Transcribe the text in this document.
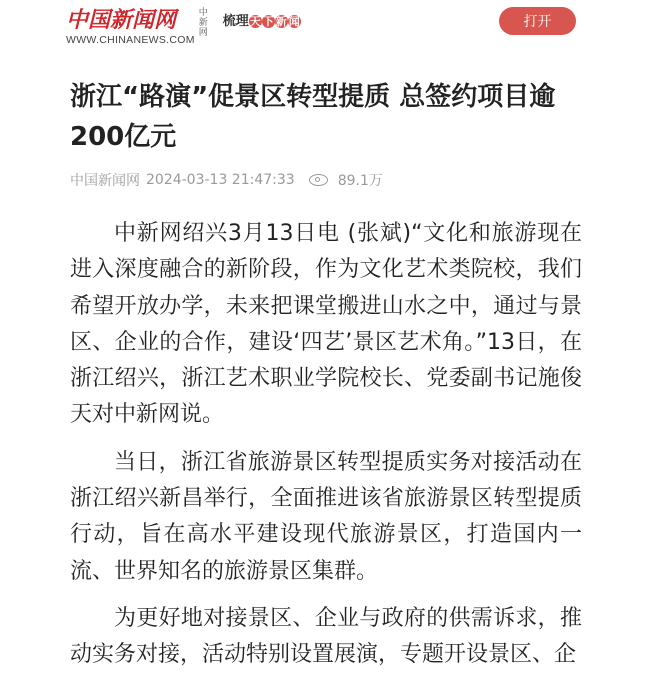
中国新闻网
WWW.CHINANEWS.COM
中新网
梳理天 下 新 闻	打开
浙江“路演”促景区转型提质 总签约项目逾200亿元
中国新闻网 2024-03-13 21:47:33	89.1万

中新网绍兴3月13日电 (张斌)“文化和旅游现在进入深度融合的新阶段，作为文化艺术类院校，我们希望开放办学，未来把课堂搬进山水之中，通过与景区、企业的合作，建设‘四艺’景区艺术角。”13日，在浙江绍兴，浙江艺术职业学院校长、党委副书记施俊天对中新网说。

当日，浙江省旅游景区转型提质实务对接活动在浙江绍兴新昌举行，全面推进该省旅游景区转型提质行动，旨在高水平建设现代旅游景区，打造国内一流、世界知名的旅游景区集群。

为更好地对接景区、企业与政府的供需诉求，推动实务对接，活动特别设置展演，专题开设景区、企
